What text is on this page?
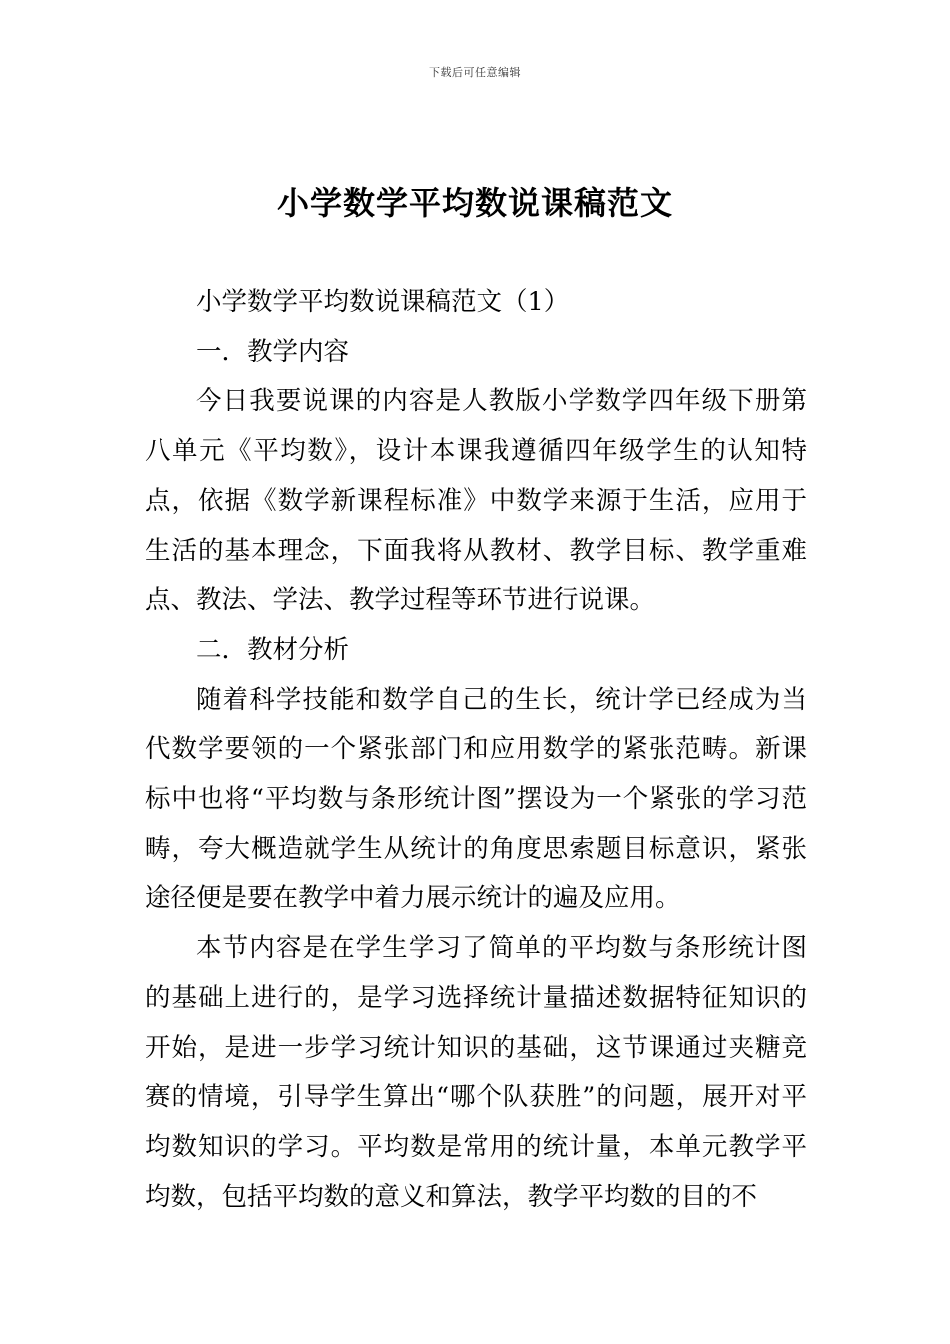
下载后可任意编辑
小学数学平均数说课稿范文

小学数学平均数说课稿范文（1）

一．教学内容

今日我要说课的内容是人教版小学数学四年级下册第八单元《平均数》，设计本课我遵循四年级学生的认知特点，依据《数学新课程标准》中数学来源于生活，应用于生活的基本理念，下面我将从教材、教学目标、教学重难点、教法、学法、教学过程等环节进行说课。

二．教材分析

随着科学技能和数学自己的生长，统计学已经成为当代数学要领的一个紧张部门和应用数学的紧张范畴。新课标中也将“平均数与条形统计图”摆设为一个紧张的学习范畴，夸大概造就学生从统计的角度思索题目标意识，紧张途径便是要在教学中着力展示统计的遍及应用。

本节内容是在学生学习了简单的平均数与条形统计图的基础上进行的，是学习选择统计量描述数据特征知识的开始，是进一步学习统计知识的基础，这节课通过夹糖竞赛的情境，引导学生算出“哪个队获胜”的问题，展开对平均数知识的学习。平均数是常用的统计量，本单元教学平均数，包括平均数的意义和算法，教学平均数的目的不
